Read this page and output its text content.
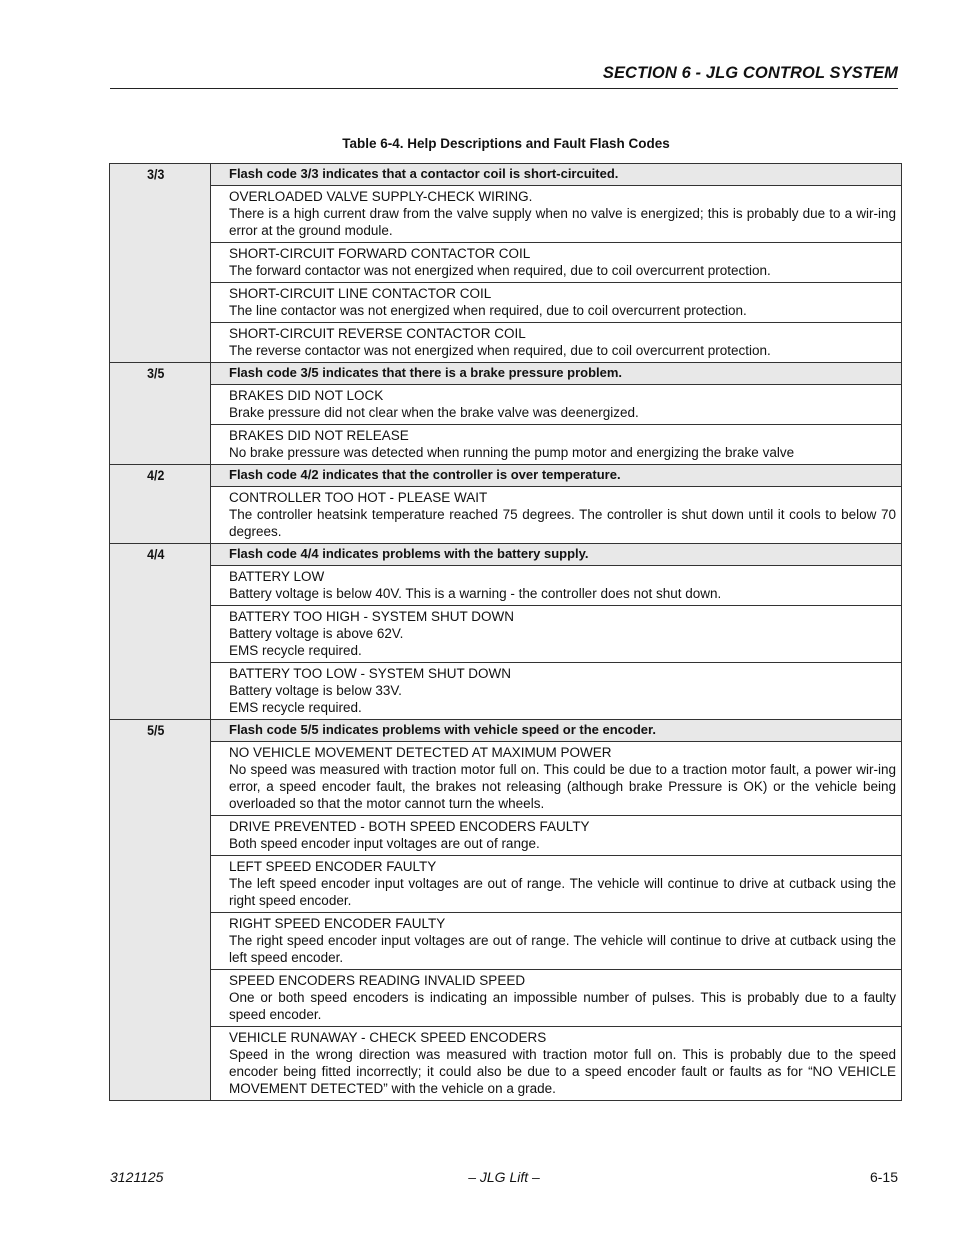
SECTION 6 - JLG CONTROL SYSTEM
Table 6-4. Help Descriptions and Fault Flash Codes
3/3	Flash code 3/3 indicates that a contactor coil is short-circuited.

	OVERLOADED VALVE SUPPLY-CHECK WIRING.
There is a high current draw from the valve supply when no valve is energized; this is probably due to a wir-ing error at the ground module.

	SHORT-CIRCUIT FORWARD CONTACTOR COIL
The forward contactor was not energized when required, due to coil overcurrent protection.

	SHORT-CIRCUIT LINE CONTACTOR COIL
The line contactor was not energized when required, due to coil overcurrent protection.

	SHORT-CIRCUIT REVERSE CONTACTOR COIL
The reverse contactor was not energized when required, due to coil overcurrent protection.

3/5	Flash code 3/5 indicates that there is a brake pressure problem.

	BRAKES DID NOT LOCK
Brake pressure did not clear when the brake valve was deenergized.

	BRAKES DID NOT RELEASE
No brake pressure was detected when running the pump motor and energizing the brake valve

4/2	Flash code 4/2 indicates that the controller is over temperature.

	CONTROLLER TOO HOT - PLEASE WAIT
The controller heatsink temperature reached 75 degrees. The controller is shut down until it cools to below 70 degrees.

4/4	Flash code 4/4 indicates problems with the battery supply.

	BATTERY LOW
Battery voltage is below 40V. This is a warning - the controller does not shut down.

	BATTERY TOO HIGH - SYSTEM SHUT DOWN
Battery voltage is above 62V.
EMS recycle required.

	BATTERY TOO LOW - SYSTEM SHUT DOWN
Battery voltage is below 33V.
EMS recycle required.

5/5	Flash code 5/5 indicates problems with vehicle speed or the encoder.

	NO VEHICLE MOVEMENT DETECTED AT MAXIMUM POWER
No speed was measured with traction motor full on. This could be due to a traction motor fault, a power wir-ing error, a speed encoder fault, the brakes not releasing (although brake Pressure is OK) or the vehicle being overloaded so that the motor cannot turn the wheels.

	DRIVE PREVENTED - BOTH SPEED ENCODERS FAULTY
Both speed encoder input voltages are out of range.

	LEFT SPEED ENCODER FAULTY
The left speed encoder input voltages are out of range. The vehicle will continue to drive at cutback using the right speed encoder.

	RIGHT SPEED ENCODER FAULTY
The right speed encoder input voltages are out of range. The vehicle will continue to drive at cutback using the left speed encoder.

	SPEED ENCODERS READING INVALID SPEED
One or both speed encoders is indicating an impossible number of pulses. This is probably due to a faulty speed encoder.

	VEHICLE RUNAWAY - CHECK SPEED ENCODERS
Speed in the wrong direction was measured with traction motor full on. This is probably due to the speed encoder being fitted incorrectly; it could also be due to a speed encoder fault or faults as for “NO VEHICLE MOVEMENT DETECTED” with the vehicle on a grade.
3121125	– JLG Lift –	6-15
